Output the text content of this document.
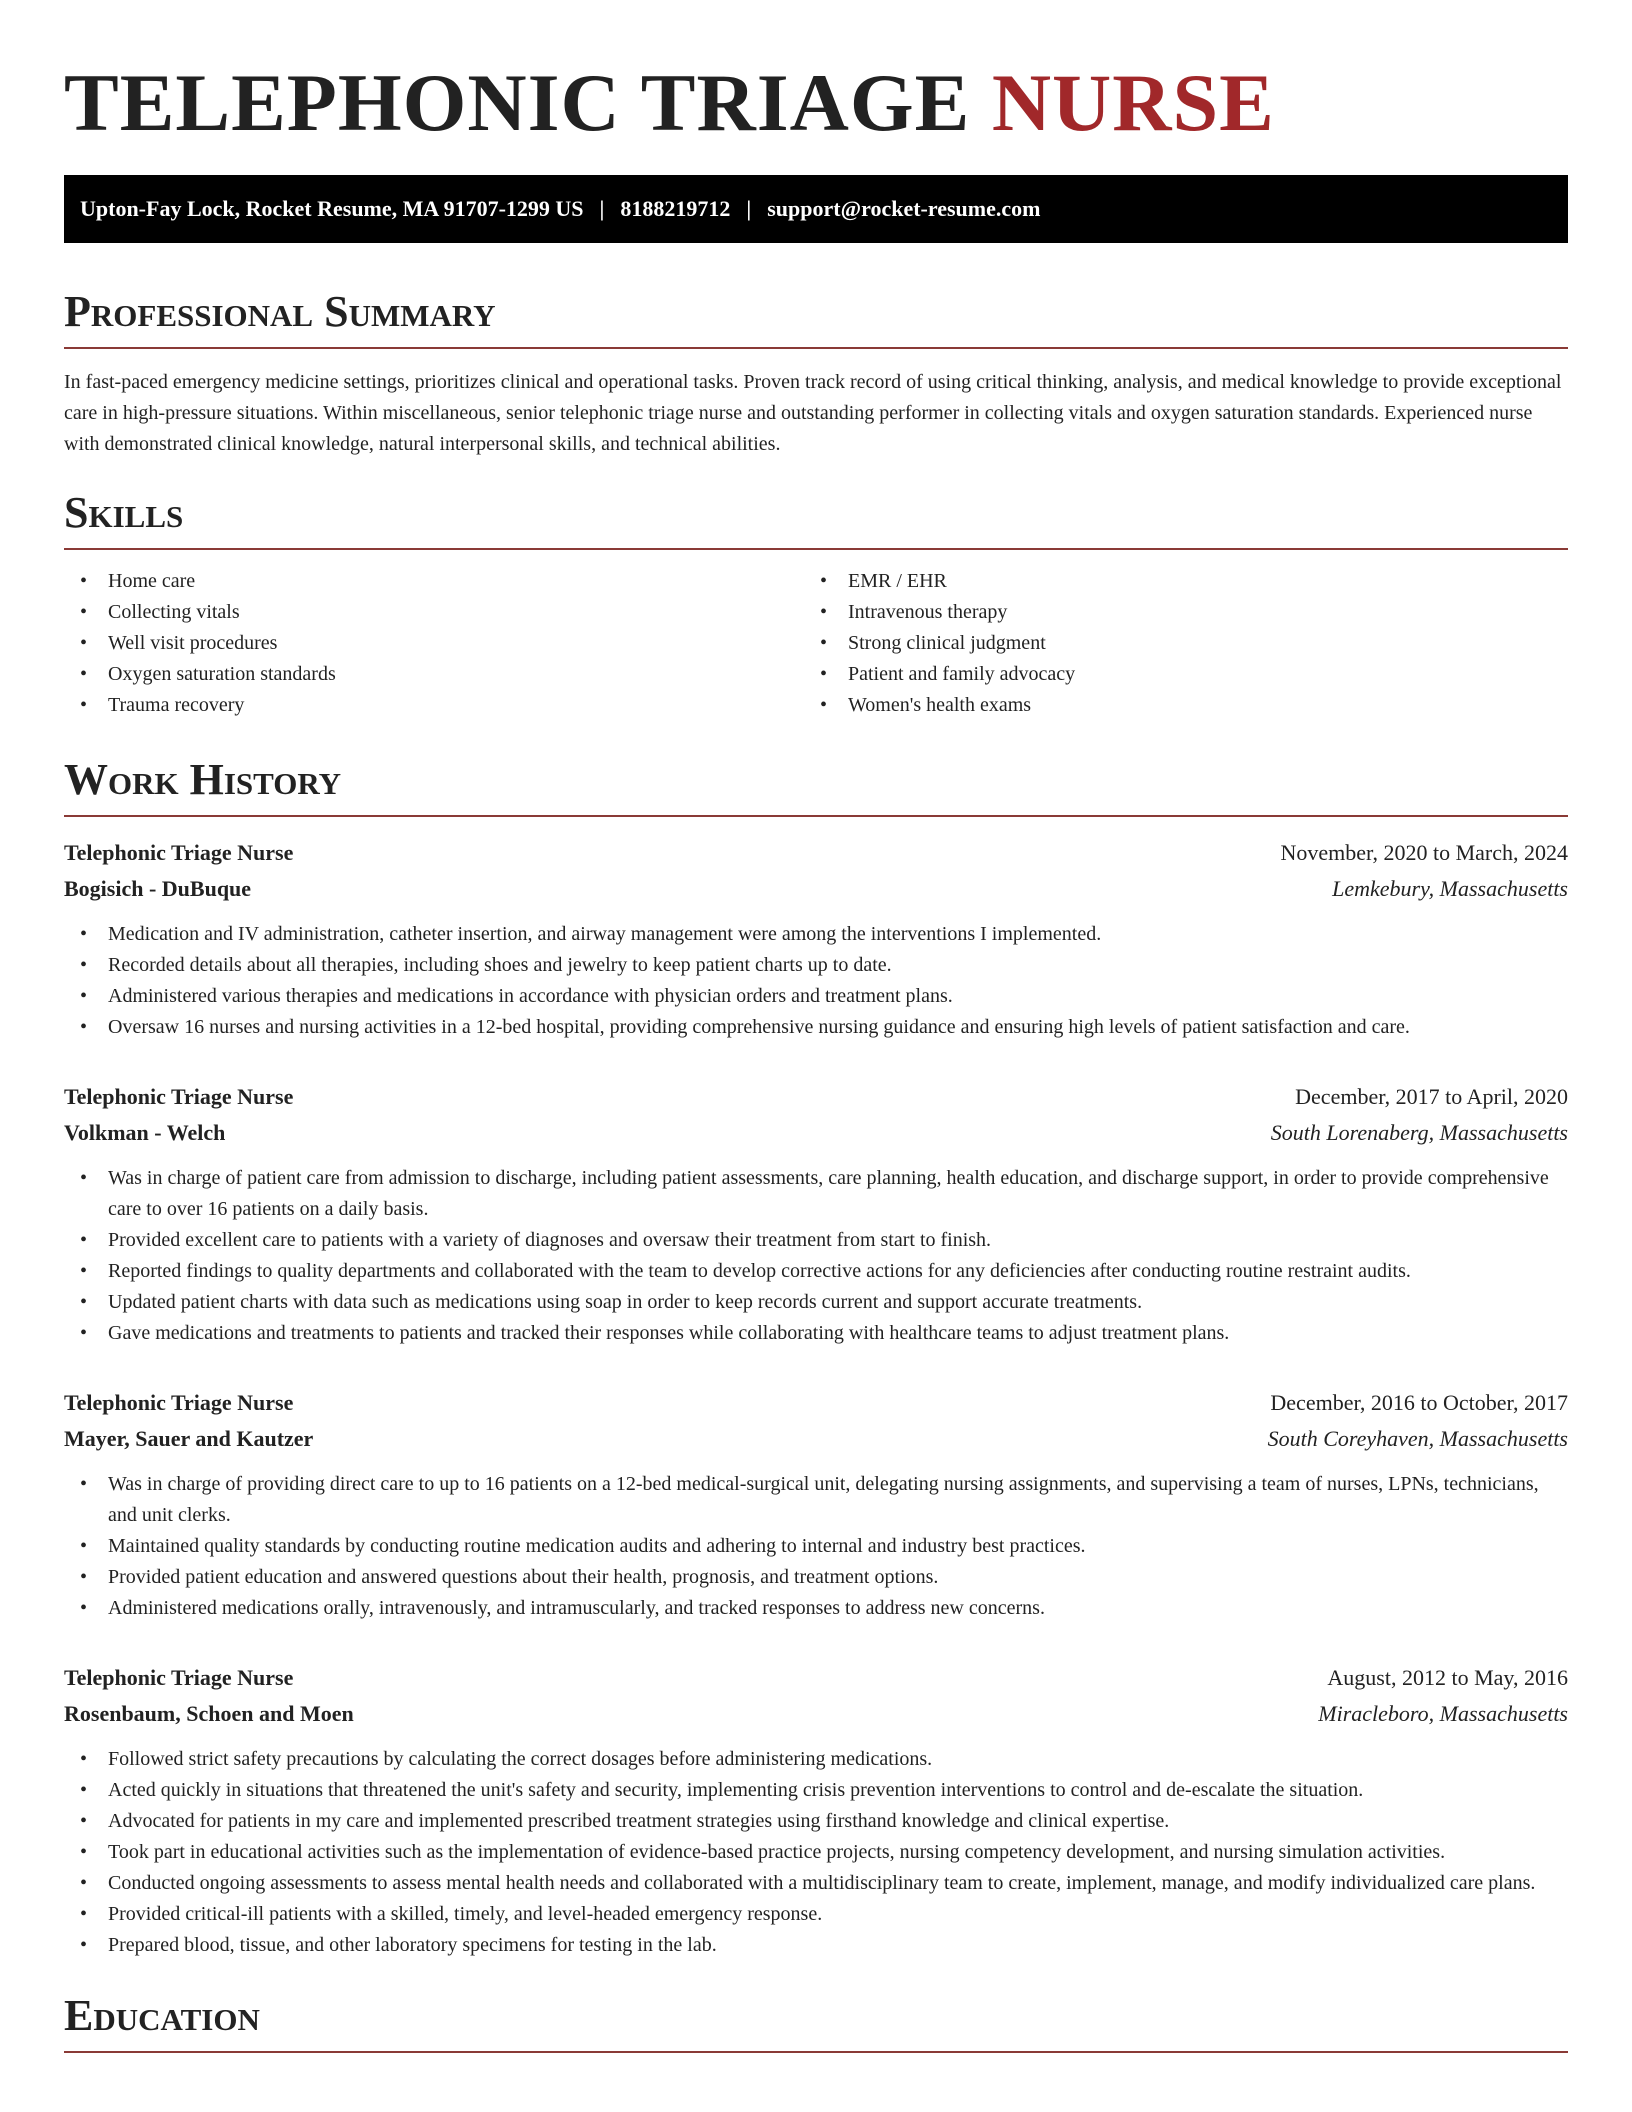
TELEPHONIC TRIAGE NURSE
Upton-Fay Lock, Rocket Resume, MA 91707-1299 US | 8188219712 | support@rocket-resume.com
Professional Summary

In fast-paced emergency medicine settings, prioritizes clinical and operational tasks. Proven track record of using critical thinking, analysis, and medical knowledge to provide exceptional care in high-pressure situations. Within miscellaneous, senior telephonic triage nurse and outstanding performer in collecting vitals and oxygen saturation standards. Experienced nurse with demonstrated clinical knowledge, natural interpersonal skills, and technical abilities.

Skills
• Home care
• Collecting vitals
• Well visit procedures
• Oxygen saturation standards
• Trauma recovery
• EMR / EHR
• Intravenous therapy
• Strong clinical judgment
• Patient and family advocacy
• Women's health exams
Work History
Telephonic Triage Nurse	November, 2020 to March, 2024
Bogisich - DuBuque	Lemkebury, Massachusetts
• Medication and IV administration, catheter insertion, and airway management were among the interventions I implemented.
• Recorded details about all therapies, including shoes and jewelry to keep patient charts up to date.
• Administered various therapies and medications in accordance with physician orders and treatment plans.
• Oversaw 16 nurses and nursing activities in a 12-bed hospital, providing comprehensive nursing guidance and ensuring high levels of patient satisfaction and care.
Telephonic Triage Nurse	December, 2017 to April, 2020
Volkman - Welch	South Lorenaberg, Massachusetts
• Was in charge of patient care from admission to discharge, including patient assessments, care planning, health education, and discharge support, in order to provide comprehensive care to over 16 patients on a daily basis.
• Provided excellent care to patients with a variety of diagnoses and oversaw their treatment from start to finish.
• Reported findings to quality departments and collaborated with the team to develop corrective actions for any deficiencies after conducting routine restraint audits.
• Updated patient charts with data such as medications using soap in order to keep records current and support accurate treatments.
• Gave medications and treatments to patients and tracked their responses while collaborating with healthcare teams to adjust treatment plans.
Telephonic Triage Nurse	December, 2016 to October, 2017
Mayer, Sauer and Kautzer	South Coreyhaven, Massachusetts
• Was in charge of providing direct care to up to 16 patients on a 12-bed medical-surgical unit, delegating nursing assignments, and supervising a team of nurses, LPNs, technicians, and unit clerks.
• Maintained quality standards by conducting routine medication audits and adhering to internal and industry best practices.
• Provided patient education and answered questions about their health, prognosis, and treatment options.
• Administered medications orally, intravenously, and intramuscularly, and tracked responses to address new concerns.
Telephonic Triage Nurse	August, 2012 to May, 2016
Rosenbaum, Schoen and Moen	Miracleboro, Massachusetts
• Followed strict safety precautions by calculating the correct dosages before administering medications.
• Acted quickly in situations that threatened the unit's safety and security, implementing crisis prevention interventions to control and de-escalate the situation.
• Advocated for patients in my care and implemented prescribed treatment strategies using firsthand knowledge and clinical expertise.
• Took part in educational activities such as the implementation of evidence-based practice projects, nursing competency development, and nursing simulation activities.
• Conducted ongoing assessments to assess mental health needs and collaborated with a multidisciplinary team to create, implement, manage, and modify individualized care plans.
• Provided critical-ill patients with a skilled, timely, and level-headed emergency response.
• Prepared blood, tissue, and other laboratory specimens for testing in the lab.
Education
